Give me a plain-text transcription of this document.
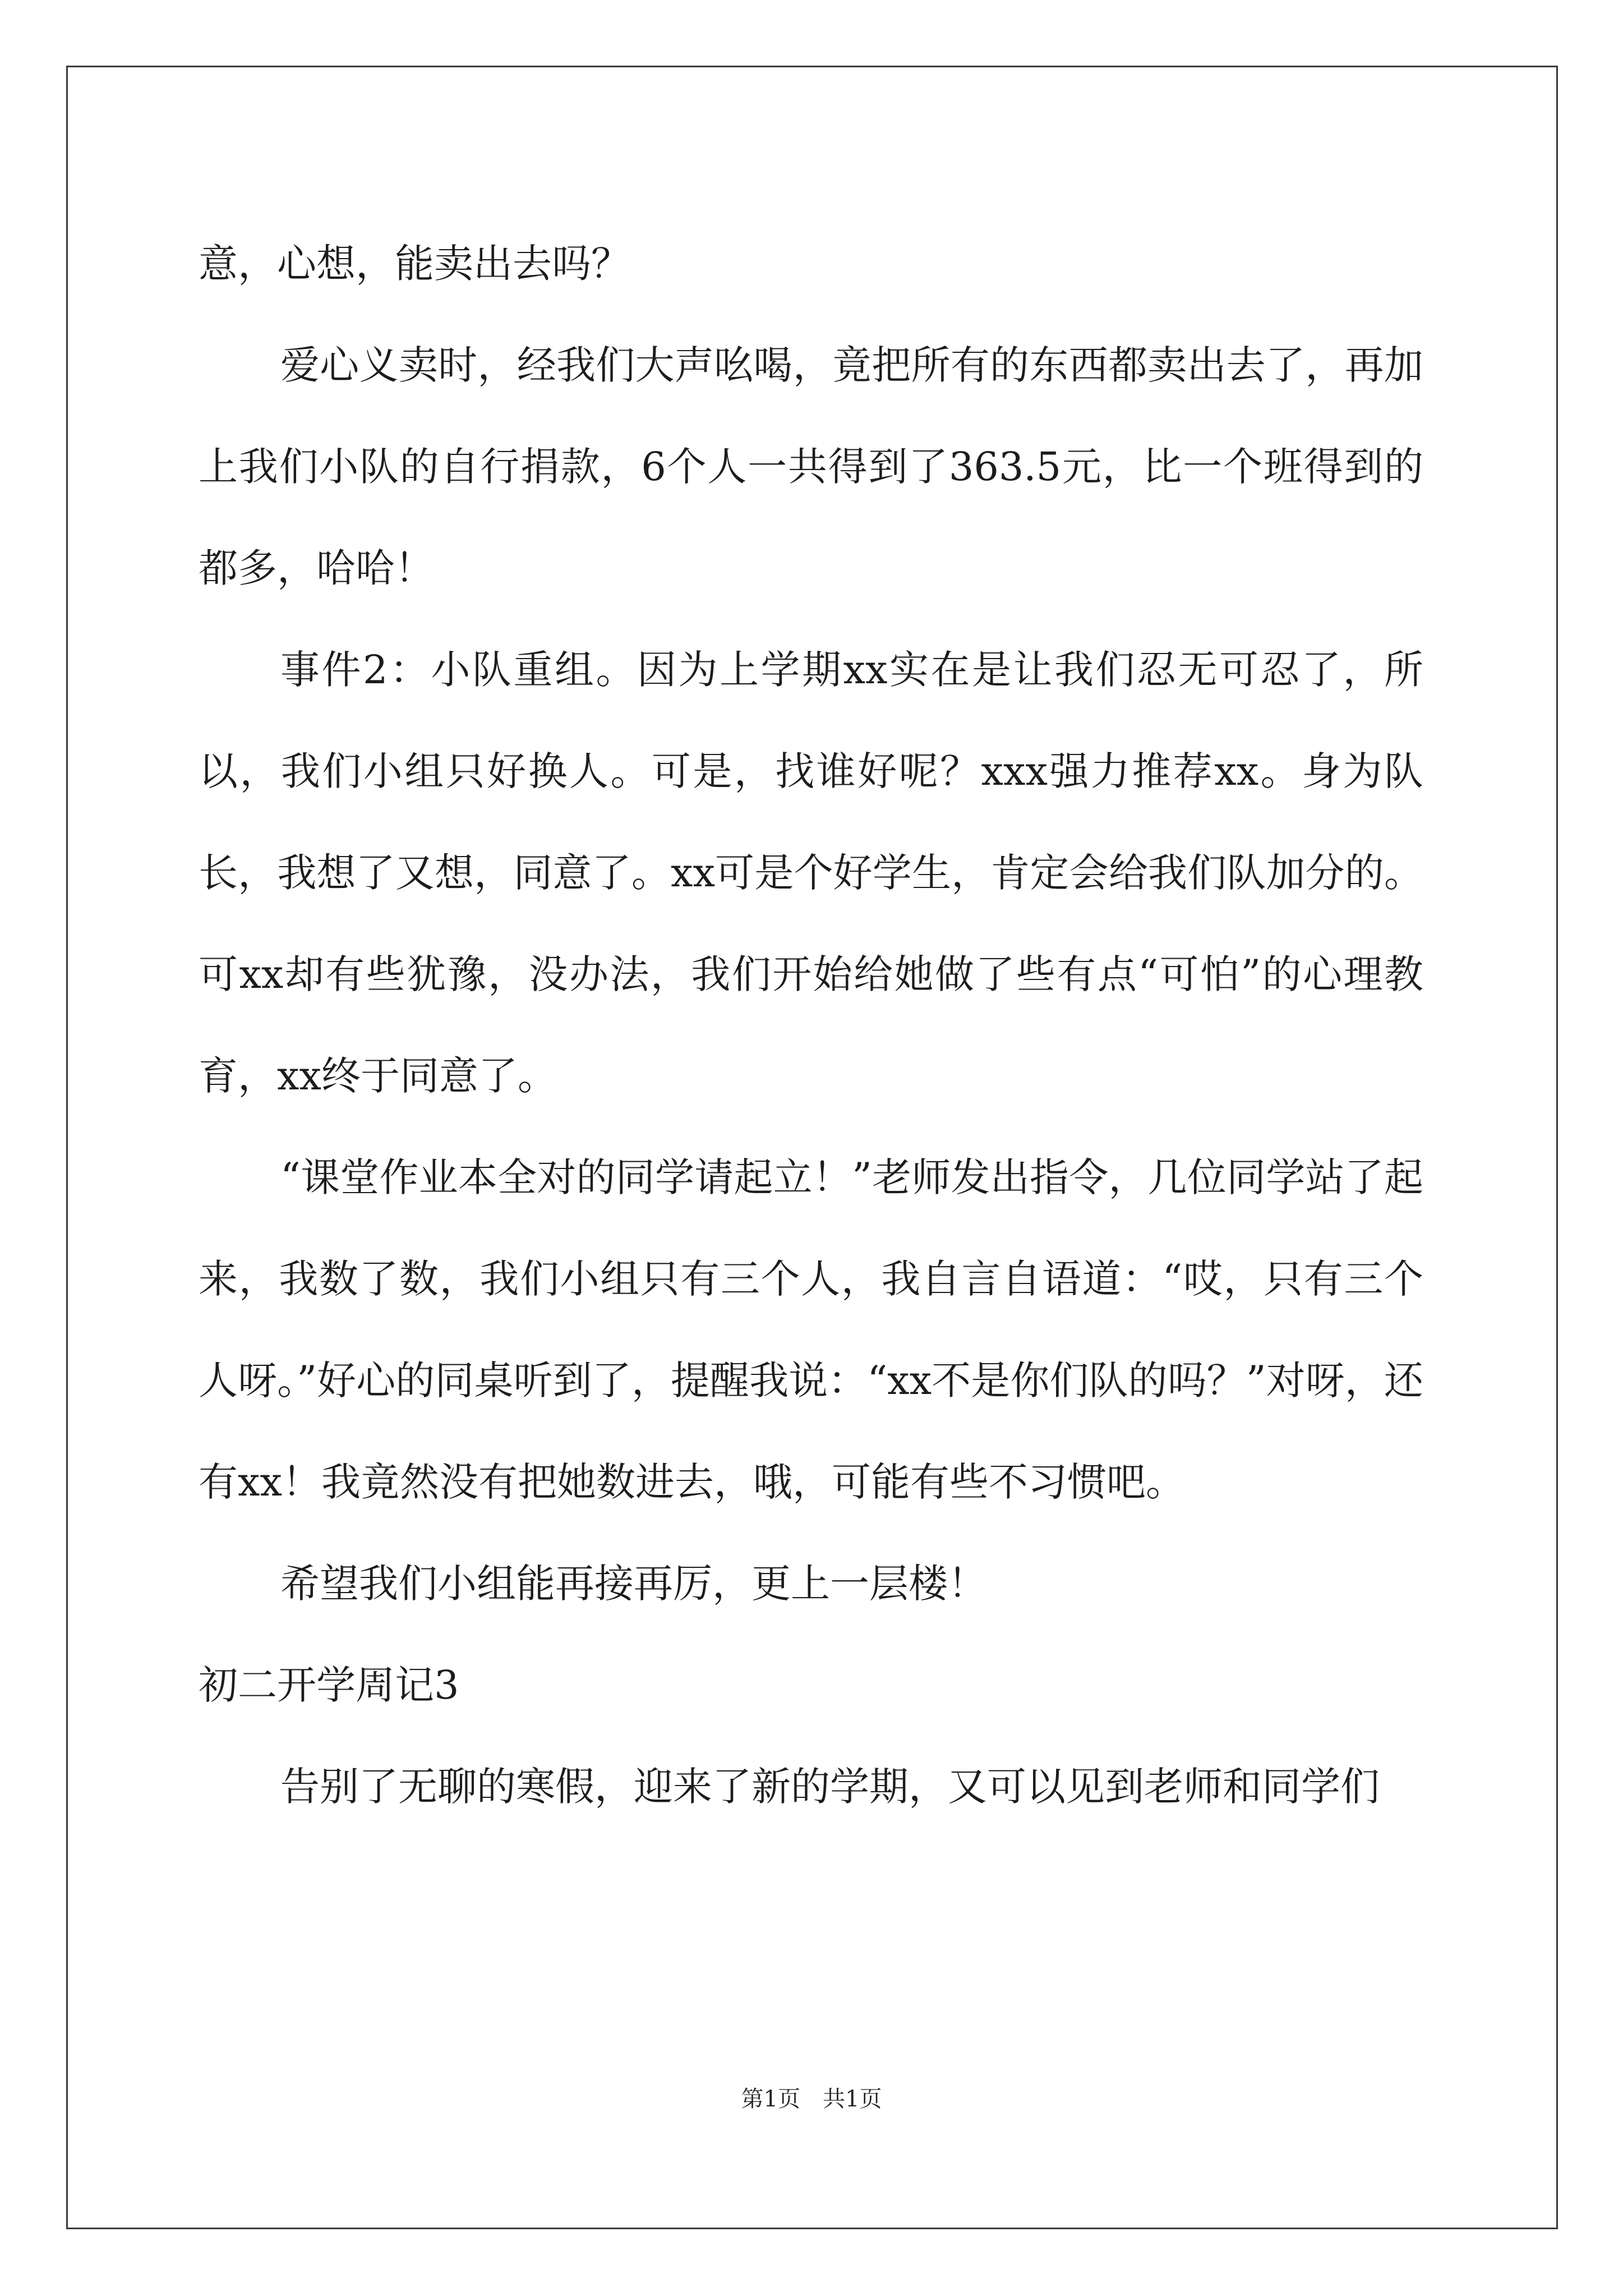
意，心想，能卖出去吗？

爱心义卖时，经我们大声吆喝，竟把所有的东西都卖出去了，再加上我们小队的自行捐款，6个人一共得到了363.5元，比一个班得到的都多，哈哈！

事件2：小队重组。因为上学期xx实在是让我们忍无可忍了，所以，我们小组只好换人。可是，找谁好呢？xxx强力推荐xx。身为队长，我想了又想，同意了。xx可是个好学生，肯定会给我们队加分的。可xx却有些犹豫，没办法，我们开始给她做了些有点“可怕”的心理教育，xx终于同意了。

“课堂作业本全对的同学请起立！”老师发出指令，几位同学站了起来，我数了数，我们小组只有三个人，我自言自语道：“哎，只有三个人呀。”好心的同桌听到了，提醒我说：“xx不是你们队的吗？”对呀，还有xx！我竟然没有把她数进去，哦，可能有些不习惯吧。

希望我们小组能再接再厉，更上一层楼！

初二开学周记3

告别了无聊的寒假，迎来了新的学期，又可以见到老师和同学们

第1页　共1页
